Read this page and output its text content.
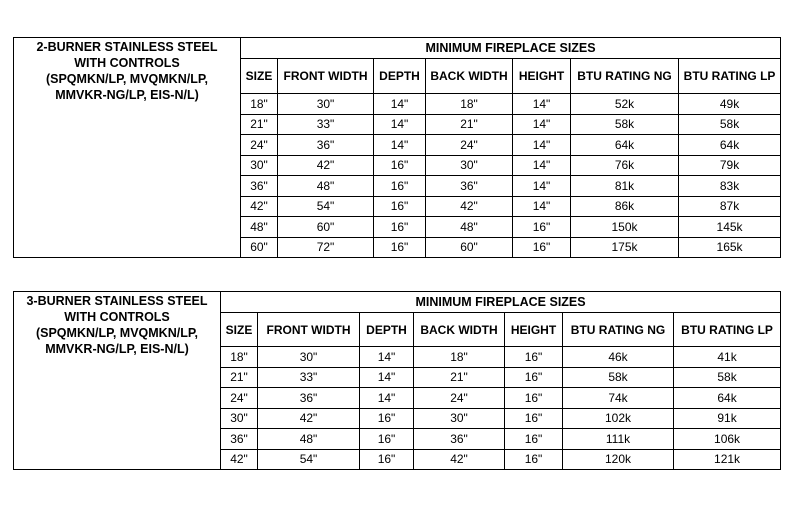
2-BURNER STAINLESS STEEL
WITH CONTROLS
(SPQMKN/LP, MVQMKN/LP,
MMVKR-NG/LP, EIS-N/L)	MINIMUM FIREPLACE SIZES						
	SIZE	FRONT WIDTH	DEPTH	BACK WIDTH	HEIGHT	BTU RATING NG	BTU RATING LP
	18"	30"	14"	18"	14"	52k	49k
	21"	33"	14"	21"	14"	58k	58k
	24"	36"	14"	24"	14"	64k	64k
	30"	42"	16"	30"	14"	76k	79k
	36"	48"	16"	36"	14"	81k	83k
	42"	54"	16"	42"	14"	86k	87k
	48"	60"	16"	48"	16"	150k	145k
	60"	72"	16"	60"	16"	175k	165k
3-BURNER STAINLESS STEEL
WITH CONTROLS
(SPQMKN/LP, MVQMKN/LP,
MMVKR-NG/LP, EIS-N/L)	MINIMUM FIREPLACE SIZES						
	SIZE	FRONT WIDTH	DEPTH	BACK WIDTH	HEIGHT	BTU RATING NG	BTU RATING LP
	18"	30"	14"	18"	16"	46k	41k
	21"	33"	14"	21"	16"	58k	58k
	24"	36"	14"	24"	16"	74k	64k
	30"	42"	16"	30"	16"	102k	91k
	36"	48"	16"	36"	16"	111k	106k
	42"	54"	16"	42"	16"	120k	121k
